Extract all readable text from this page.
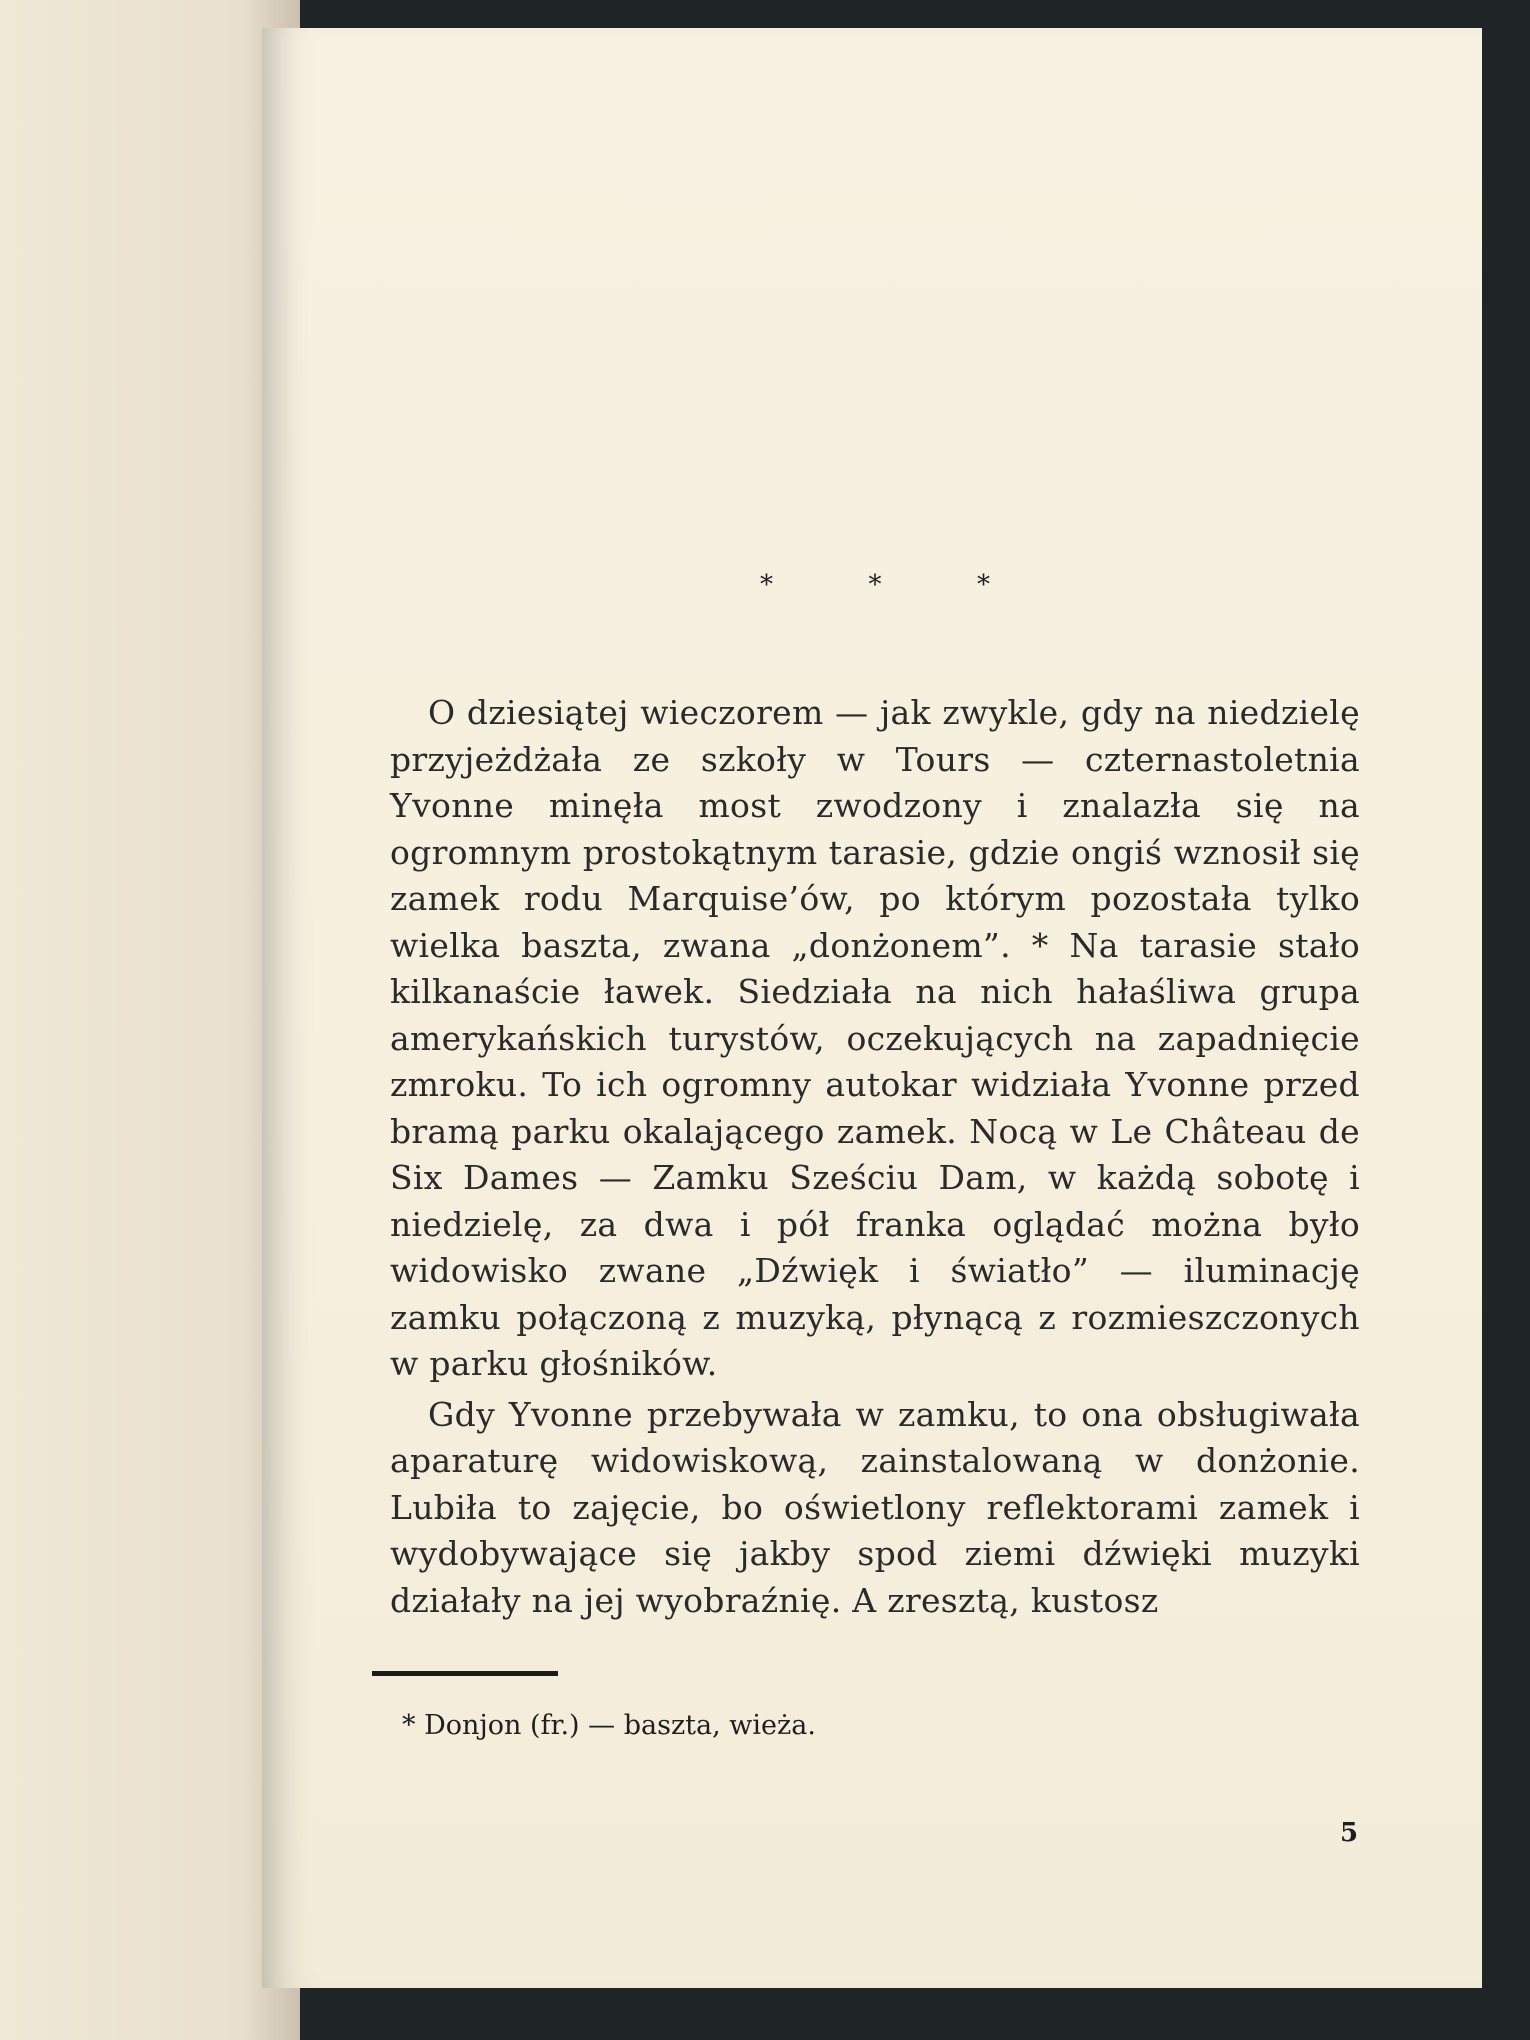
*	*	*

O dziesiątej wieczorem — jak zwykle, gdy na niedzielę przyjeżdżała ze szkoły w Tours — czternastoletnia Yvonne minęła most zwodzony i znalazła się na ogromnym prostokątnym tarasie, gdzie ongiś wznosił się zamek rodu Marquise’ów, po którym pozostała tylko wielka baszta, zwana „donżonem”. * Na tarasie stało kilkanaście ławek. Siedziała na nich hałaśliwa grupa amerykańskich turystów, oczekujących na zapadnięcie zmroku. To ich ogromny autokar widziała Yvonne przed bramą parku okalającego zamek. Nocą w Le Château de Six Dames — Zamku Sześciu Dam, w każdą sobotę i niedzielę, za dwa i pół franka oglądać można było widowisko zwane „Dźwięk i światło” — iluminację zamku połączoną z muzyką, płynącą z rozmieszczonych w parku głośników.

Gdy Yvonne przebywała w zamku, to ona obsługiwała aparaturę widowiskową, zainstalowaną w donżonie. Lubiła to zajęcie, bo oświetlony reflektorami zamek i wydobywające się jakby spod ziemi dźwięki muzyki działały na jej wyobraźnię. A zresztą, kustosz

* Donjon (fr.) — baszta, wieża.
5
